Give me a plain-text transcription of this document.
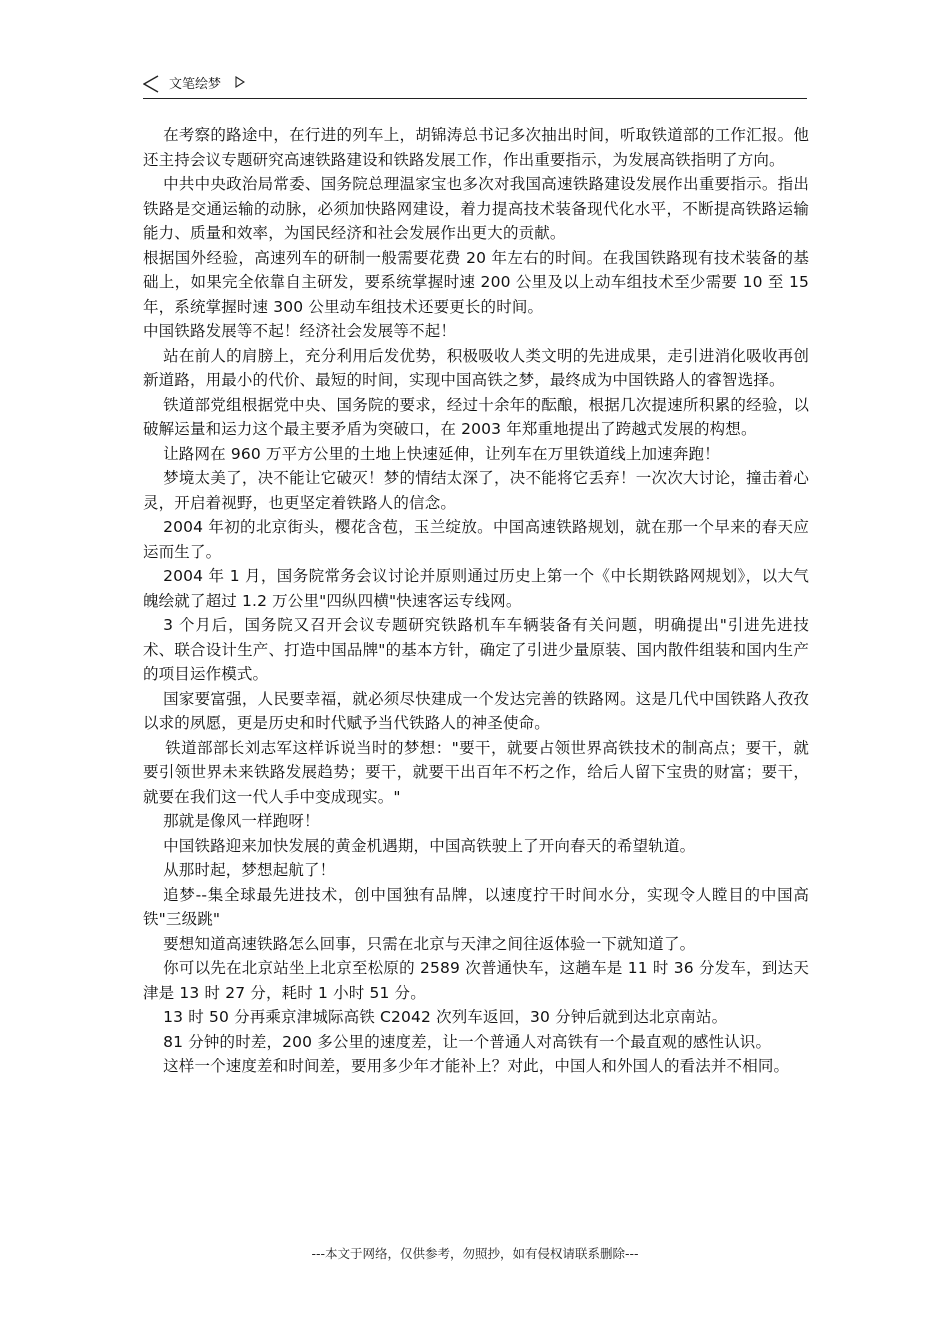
文笔绘梦

在考察的路途中，在行进的列车上，胡锦涛总书记多次抽出时间，听取铁道部的工作汇报。他还主持会议专题研究高速铁路建设和铁路发展工作，作出重要指示，为发展高铁指明了方向。

中共中央政治局常委、国务院总理温家宝也多次对我国高速铁路建设发展作出重要指示。指出铁路是交通运输的动脉，必须加快路网建设，着力提高技术装备现代化水平，不断提高铁路运输能力、质量和效率，为国民经济和社会发展作出更大的贡献。

根据国外经验，高速列车的研制一般需要花费 20 年左右的时间。在我国铁路现有技术装备的基础上，如果完全依靠自主研发，要系统掌握时速 200 公里及以上动车组技术至少需要 10 至 15 年，系统掌握时速 300 公里动车组技术还要更长的时间。

中国铁路发展等不起！经济社会发展等不起！

站在前人的肩膀上，充分利用后发优势，积极吸收人类文明的先进成果，走引进消化吸收再创新道路，用最小的代价、最短的时间，实现中国高铁之梦，最终成为中国铁路人的睿智选择。

铁道部党组根据党中央、国务院的要求，经过十余年的酝酿，根据几次提速所积累的经验，以破解运量和运力这个最主要矛盾为突破口，在 2003 年郑重地提出了跨越式发展的构想。

让路网在 960 万平方公里的土地上快速延伸，让列车在万里铁道线上加速奔跑！

梦境太美了，决不能让它破灭！梦的情结太深了，决不能将它丢弃！一次次大讨论，撞击着心灵，开启着视野，也更坚定着铁路人的信念。

2004 年初的北京街头，樱花含苞，玉兰绽放。中国高速铁路规划，就在那一个早来的春天应运而生了。

2004 年 1 月，国务院常务会议讨论并原则通过历史上第一个《中长期铁路网规划》，以大气魄绘就了超过 1.2 万公里"四纵四横"快速客运专线网。

3 个月后，国务院又召开会议专题研究铁路机车车辆装备有关问题，明确提出"引进先进技术、联合设计生产、打造中国品牌"的基本方针，确定了引进少量原装、国内散件组装和国内生产的项目运作模式。

国家要富强，人民要幸福，就必须尽快建成一个发达完善的铁路网。这是几代中国铁路人孜孜以求的夙愿，更是历史和时代赋予当代铁路人的神圣使命。

铁道部部长刘志军这样诉说当时的梦想："要干，就要占领世界高铁技术的制高点；要干，就要引领世界未来铁路发展趋势；要干，就要干出百年不朽之作，给后人留下宝贵的财富；要干，就要在我们这一代人手中变成现实。"

那就是像风一样跑呀！

中国铁路迎来加快发展的黄金机遇期，中国高铁驶上了开向春天的希望轨道。

从那时起，梦想起航了！

追梦--集全球最先进技术，创中国独有品牌，以速度拧干时间水分，实现令人瞠目的中国高铁"三级跳"

要想知道高速铁路怎么回事，只需在北京与天津之间往返体验一下就知道了。

你可以先在北京站坐上北京至松原的 2589 次普通快车，这趟车是 11 时 36 分发车，到达天津是 13 时 27 分，耗时 1 小时 51 分。

13 时 50 分再乘京津城际高铁 C2042 次列车返回，30 分钟后就到达北京南站。

81 分钟的时差，200 多公里的速度差，让一个普通人对高铁有一个最直观的感性认识。

这样一个速度差和时间差，要用多少年才能补上？对此，中国人和外国人的看法并不相同。

---本文于网络，仅供参考，勿照抄，如有侵权请联系删除---
